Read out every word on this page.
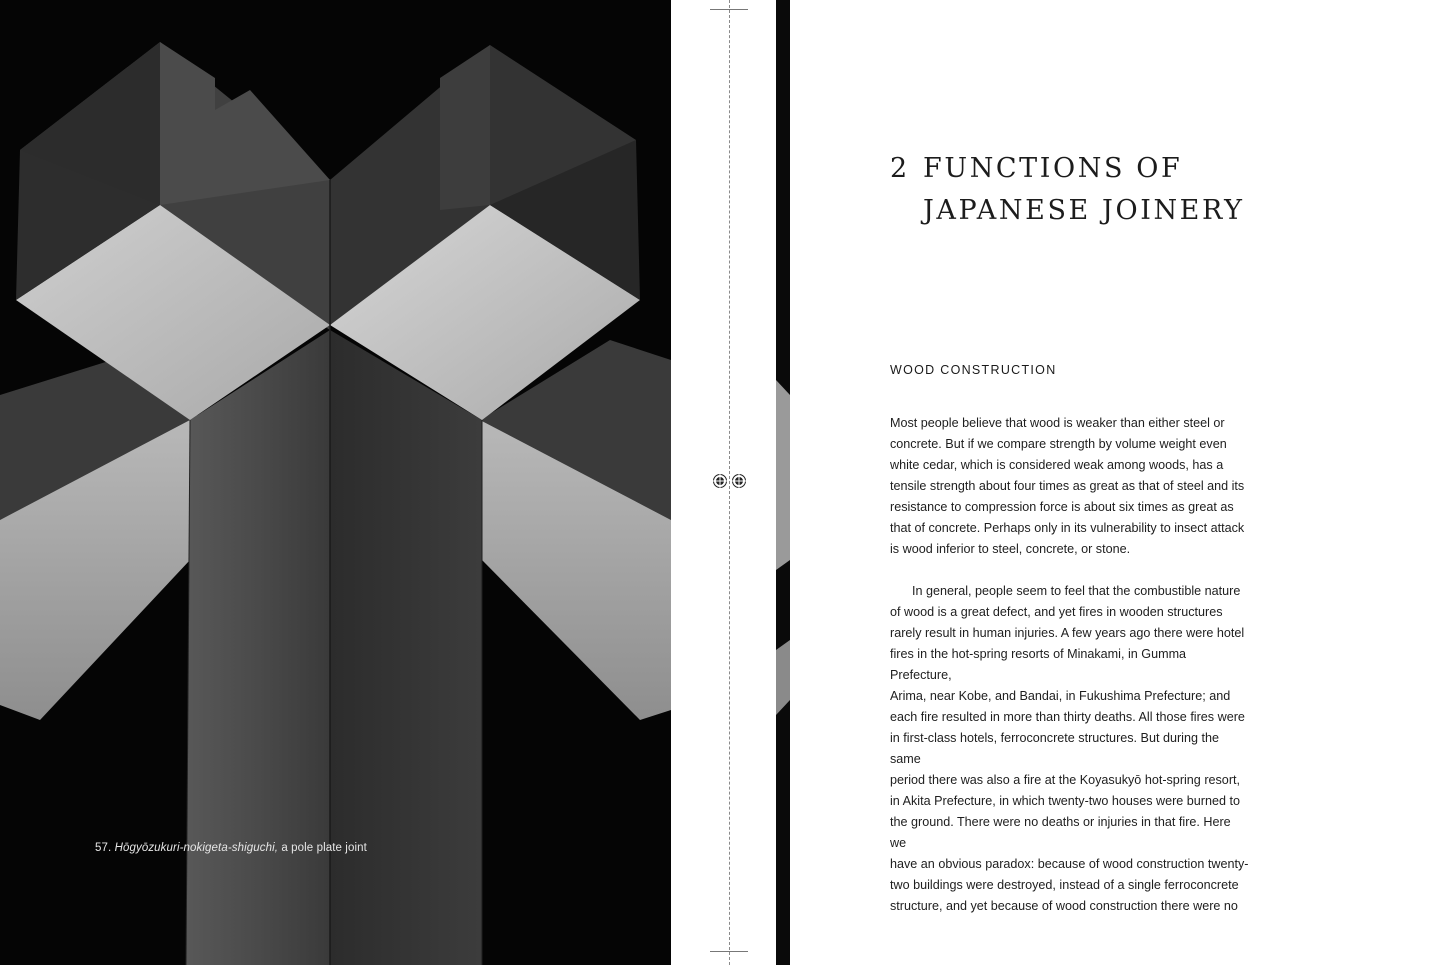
57. Hōgyōzukuri-nokigeta-shiguchi, a pole plate joint
2 FUNCTIONS OF
JAPANESE JOINERY
WOOD CONSTRUCTION

Most people believe that wood is weaker than either steel or
concrete. But if we compare strength by volume weight even
white cedar, which is considered weak among woods, has a
tensile strength about four times as great as that of steel and its
resistance to compression force is about six times as great as
that of concrete. Perhaps only in its vulnerability to insect attack
is wood inferior to steel, concrete, or stone.

In general, people seem to feel that the combustible nature
of wood is a great defect, and yet fires in wooden structures
rarely result in human injuries. A few years ago there were hotel
fires in the hot-spring resorts of Minakami, in Gumma Prefecture,
Arima, near Kobe, and Bandai, in Fukushima Prefecture; and
each fire resulted in more than thirty deaths. All those fires were
in first-class hotels, ferroconcrete structures. But during the same
period there was also a fire at the Koyasukyō hot-spring resort,
in Akita Prefecture, in which twenty-two houses were burned to
the ground. There were no deaths or injuries in that fire. Here we
have an obvious paradox: because of wood construction twenty-
two buildings were destroyed, instead of a single ferroconcrete
structure, and yet because of wood construction there were no
